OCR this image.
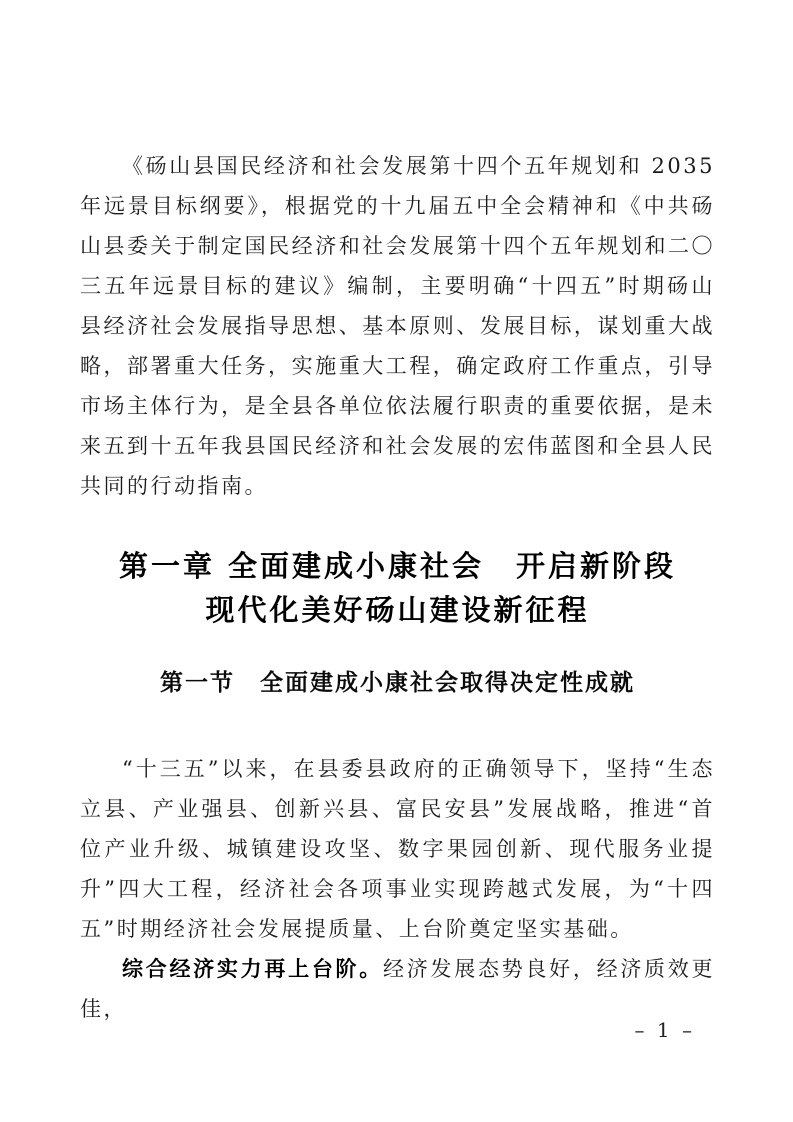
《砀山县国民经济和社会发展第十四个五年规划和 2035 年远景目标纲要》，根据党的十九届五中全会精神和《中共砀山县委关于制定国民经济和社会发展第十四个五年规划和二〇三五年远景目标的建议》编制，主要明确“十四五”时期砀山县经济社会发展指导思想、基本原则、发展目标，谋划重大战略，部署重大任务，实施重大工程，确定政府工作重点，引导市场主体行为，是全县各单位依法履行职责的重要依据，是未来五到十五年我县国民经济和社会发展的宏伟蓝图和全县人民共同的行动指南。

第一章 全面建成小康社会　开启新阶段
现代化美好砀山建设新征程
第一节　全面建成小康社会取得决定性成就

“十三五”以来，在县委县政府的正确领导下，坚持“生态立县、产业强县、创新兴县、富民安县”发展战略，推进“首位产业升级、城镇建设攻坚、数字果园创新、现代服务业提升”四大工程，经济社会各项事业实现跨越式发展，为“十四五”时期经济社会发展提质量、上台阶奠定坚实基础。

综合经济实力再上台阶。经济发展态势良好，经济质效更佳，

– 1 –
